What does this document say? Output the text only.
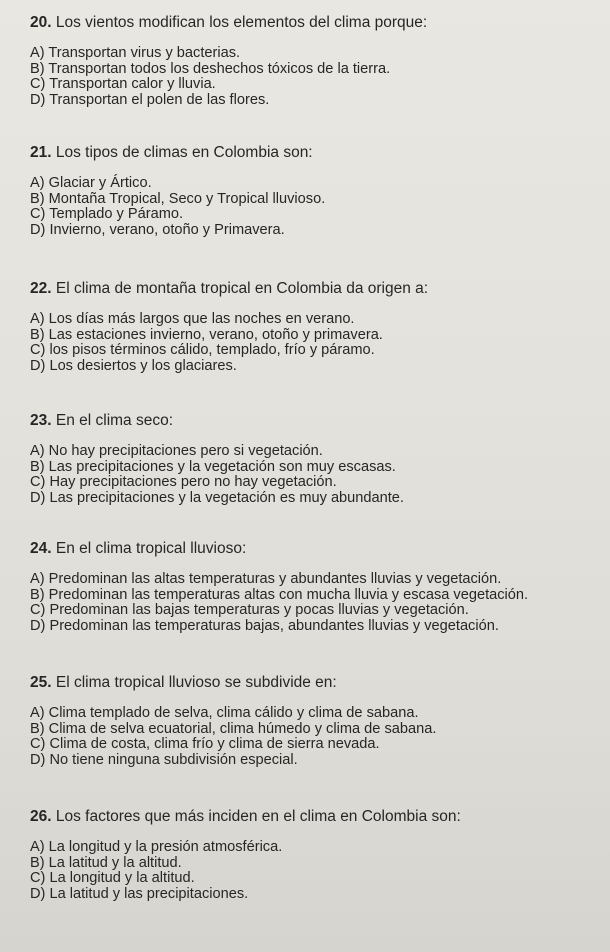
20. Los vientos modifican los elementos del clima porque:
A) Transportan virus y bacterias.
B) Transportan todos los deshechos tóxicos de la tierra.
C) Transportan calor y lluvia.
D) Transportan el polen de las flores.
21. Los tipos de climas en Colombia son:
A) Glaciar y Ártico.
B) Montaña Tropical, Seco y Tropical lluvioso.
C) Templado y Páramo.
D) Invierno, verano, otoño y Primavera.
22. El clima de montaña tropical en Colombia da origen a:
A) Los días más largos que las noches en verano.
B) Las estaciones invierno, verano, otoño y primavera.
C) los pisos términos cálido, templado, frío y páramo.
D) Los desiertos y los glaciares.
23. En el clima seco:
A) No hay precipitaciones pero si vegetación.
B) Las precipitaciones y la vegetación son muy escasas.
C) Hay precipitaciones pero no hay vegetación.
D) Las precipitaciones y la vegetación es muy abundante.
24. En el clima tropical lluvioso:
A) Predominan las altas temperaturas y abundantes lluvias y vegetación.
B) Predominan las temperaturas altas con mucha lluvia y escasa vegetación.
C) Predominan las bajas temperaturas y pocas lluvias y vegetación.
D) Predominan las temperaturas bajas, abundantes lluvias y vegetación.
25. El clima tropical lluvioso se subdivide en:
A) Clima templado de selva, clima cálido y clima de sabana.
B) Clima de selva ecuatorial, clima húmedo y clima de sabana.
C) Clima de costa, clima frío y clima de sierra nevada.
D) No tiene ninguna subdivisión especial.
26. Los factores que más inciden en el clima en Colombia son:
A) La longitud y la presión atmosférica.
B) La latitud y la altitud.
C) La longitud y la altitud.
D) La latitud y las precipitaciones.
